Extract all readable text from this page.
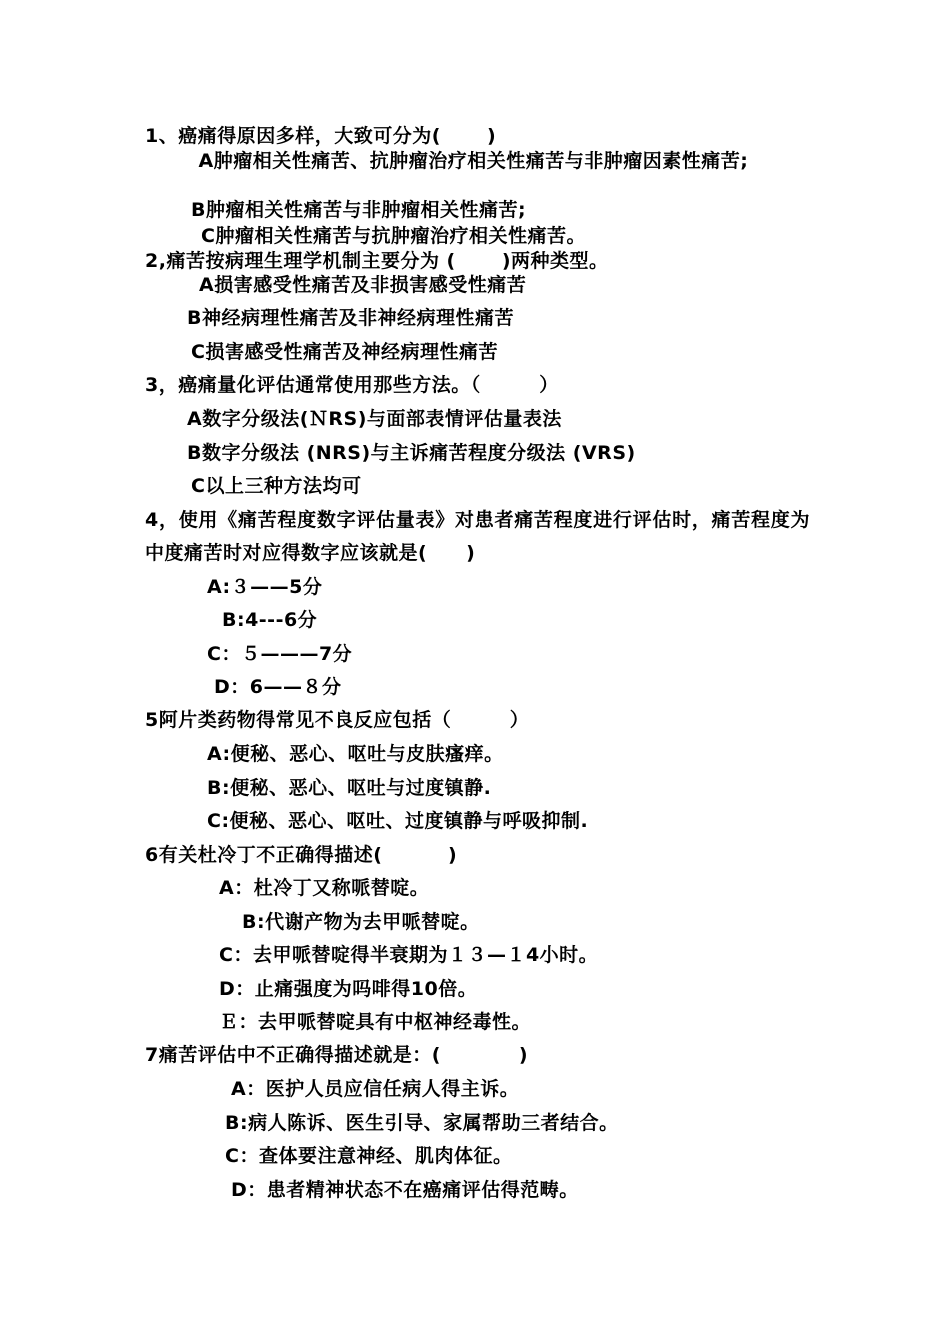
1、癌痛得原因多样，大致可分为(　　 )
　A肿瘤相关性痛苦、抗肿瘤治疗相关性痛苦与非肿瘤因素性痛苦;
Β肿瘤相关性痛苦与非肿瘤相关性痛苦;
C肿瘤相关性痛苦与抗肿瘤治疗相关性痛苦。
2,痛苦按病理生理学机制主要分为 (　　 )两种类型。
A损害感受性痛苦及非损害感受性痛苦
B神经病理性痛苦及非神经病理性痛苦
C损害感受性痛苦及神经病理性痛苦
3，癌痛量化评估通常使用那些方法。（　　　）
A数字分级法(ＮRS)与面部表情评估量表法
B数字分级法 (NRS)与主诉痛苦程度分级法 (VRS)
C以上三种方法均可
4，使用《痛苦程度数字评估量表》对患者痛苦程度进行评估时，痛苦程度为中度痛苦时对应得数字应该就是(　　)
A:３——5分
Β:4---6分
C：５———7分
D：6——８分
5阿片类药物得常见不良反应包括（　　　）
A:便秘、恶心、呕吐与皮肤瘙痒。
B:便秘、恶心、呕吐与过度镇静.
C:便秘、恶心、呕吐、过度镇静与呼吸抑制.
6有关杜冷丁不正确得描述(　　　 )
A：杜冷丁又称哌替啶。
B:代谢产物为去甲哌替啶。
C：去甲哌替啶得半衰期为１３—１4小时。
D：止痛强度为吗啡得10倍。
Ｅ：去甲哌替啶具有中枢神经毒性。
7痛苦评估中不正确得描述就是：(　　　　)
A：医护人员应信任病人得主诉。
Β:病人陈诉、医生引导、家属帮助三者结合。
C：查体要注意神经、肌肉体征。
D：患者精神状态不在癌痛评估得范畴。
